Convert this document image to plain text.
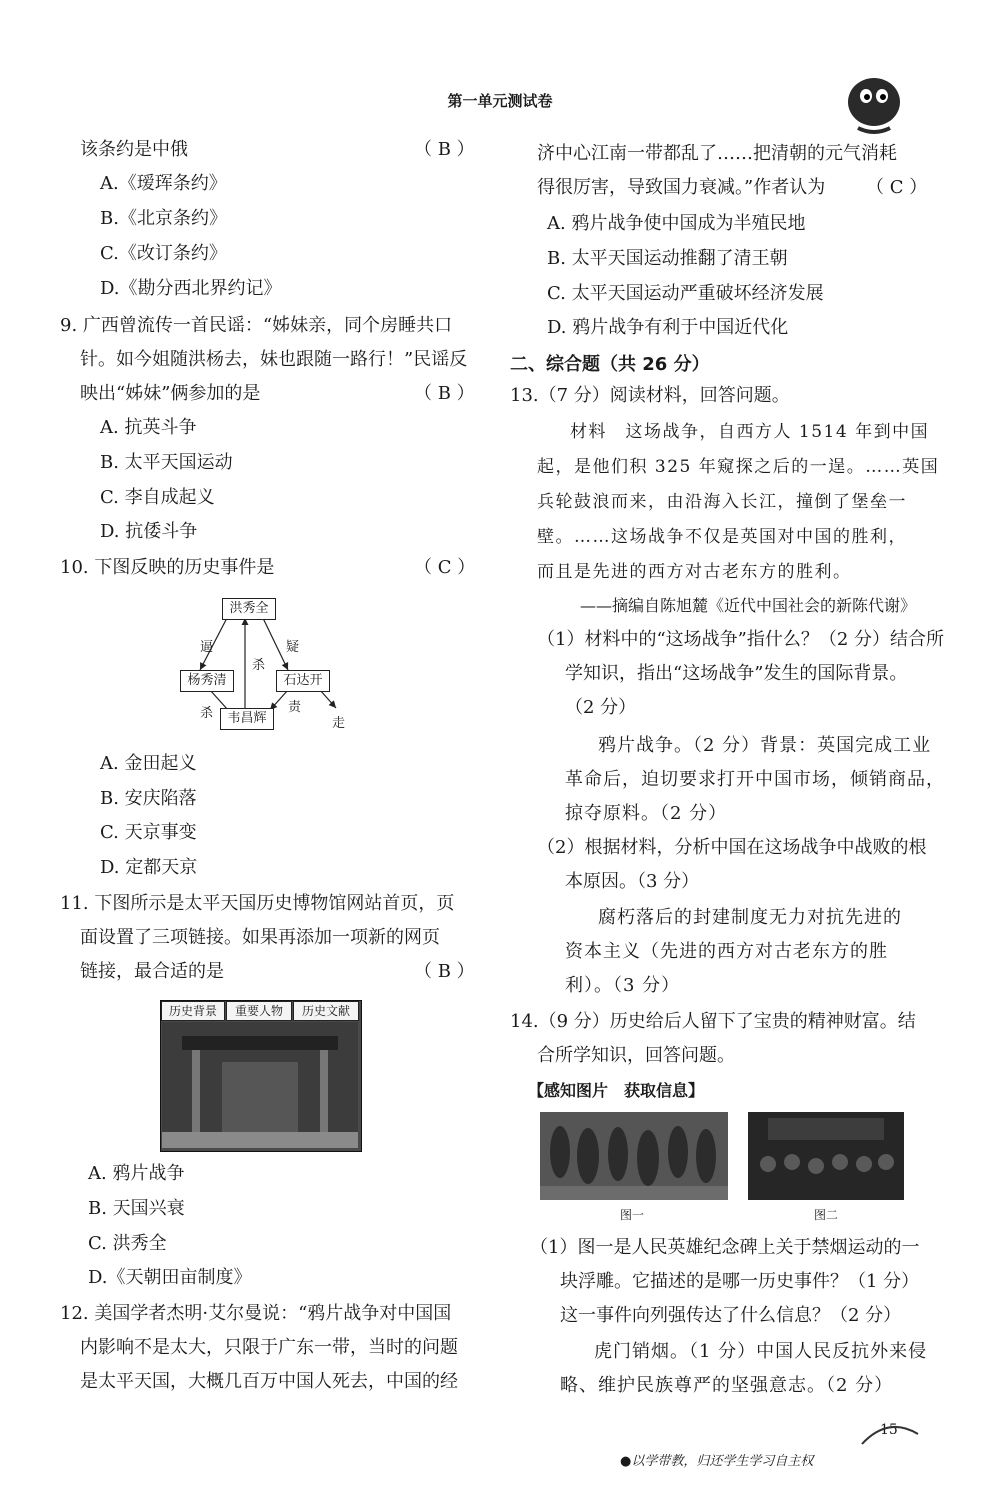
第一单元测试卷
该条约是中俄	（ B ）
A.《瑷珲条约》
B.《北京条约》
C.《改订条约》
D.《勘分西北界约记》
9. 广西曾流传一首民谣：“姊妹亲，同个房睡共口
针。如今姐随洪杨去，妹也跟随一路行！”民谣反
映出“姊妹”俩参加的是	（ B ）
A. 抗英斗争
B. 太平天国运动
C. 李自成起义
D. 抗倭斗争
10. 下图反映的历史事件是	（ C ）
洪秀全
杨秀清	石达开
韦昌辉
逼	疑
杀
杀	责
走
A. 金田起义
B. 安庆陷落
C. 天京事变
D. 定都天京
11. 下图所示是太平天国历史博物馆网站首页，页
面设置了三项链接。如果再添加一项新的网页
链接，最合适的是	（ B ）
历史背景	重要人物	历史文献
A. 鸦片战争
B. 天国兴衰
C. 洪秀全
D.《天朝田亩制度》
12. 美国学者杰明·艾尔曼说：“鸦片战争对中国国
内影响不是太大，只限于广东一带，当时的问题
是太平天国，大概几百万中国人死去，中国的经
济中心江南一带都乱了……把清朝的元气消耗
得很厉害，导致国力衰减。”作者认为 （ C ）
A. 鸦片战争使中国成为半殖民地
B. 太平天国运动推翻了清王朝
C. 太平天国运动严重破坏经济发展
D. 鸦片战争有利于中国近代化
二、综合题（共 26 分）
13.（7 分）阅读材料，回答问题。
材料　这场战争，自西方人 1514 年到中国
起，是他们积 325 年窥探之后的一逞。……英国
兵轮鼓浪而来，由沿海入长江，撞倒了堡垒一
壁。……这场战争不仅是英国对中国的胜利，
而且是先进的西方对古老东方的胜利。
——摘编自陈旭麓《近代中国社会的新陈代谢》
（1）材料中的“这场战争”指什么？（2 分）结合所
学知识，指出“这场战争”发生的国际背景。
（2 分）
鸦片战争。（2 分）背景：英国完成工业
革命后，迫切要求打开中国市场，倾销商品，
掠夺原料。（2 分）
（2）根据材料，分析中国在这场战争中战败的根
本原因。（3 分）
腐朽落后的封建制度无力对抗先进的
资本主义（先进的西方对古老东方的胜
利）。（3 分）
14.（9 分）历史给后人留下了宝贵的精神财富。结
合所学知识，回答问题。
【感知图片　获取信息】
图一	图二
（1）图一是人民英雄纪念碑上关于禁烟运动的一
块浮雕。它描述的是哪一历史事件？（1 分）
这一事件向列强传达了什么信息？（2 分）
虎门销烟。（1 分）中国人民反抗外来侵
略、维护民族尊严的坚强意志。（2 分）
●以学带教，归还学生学习自主权
15
